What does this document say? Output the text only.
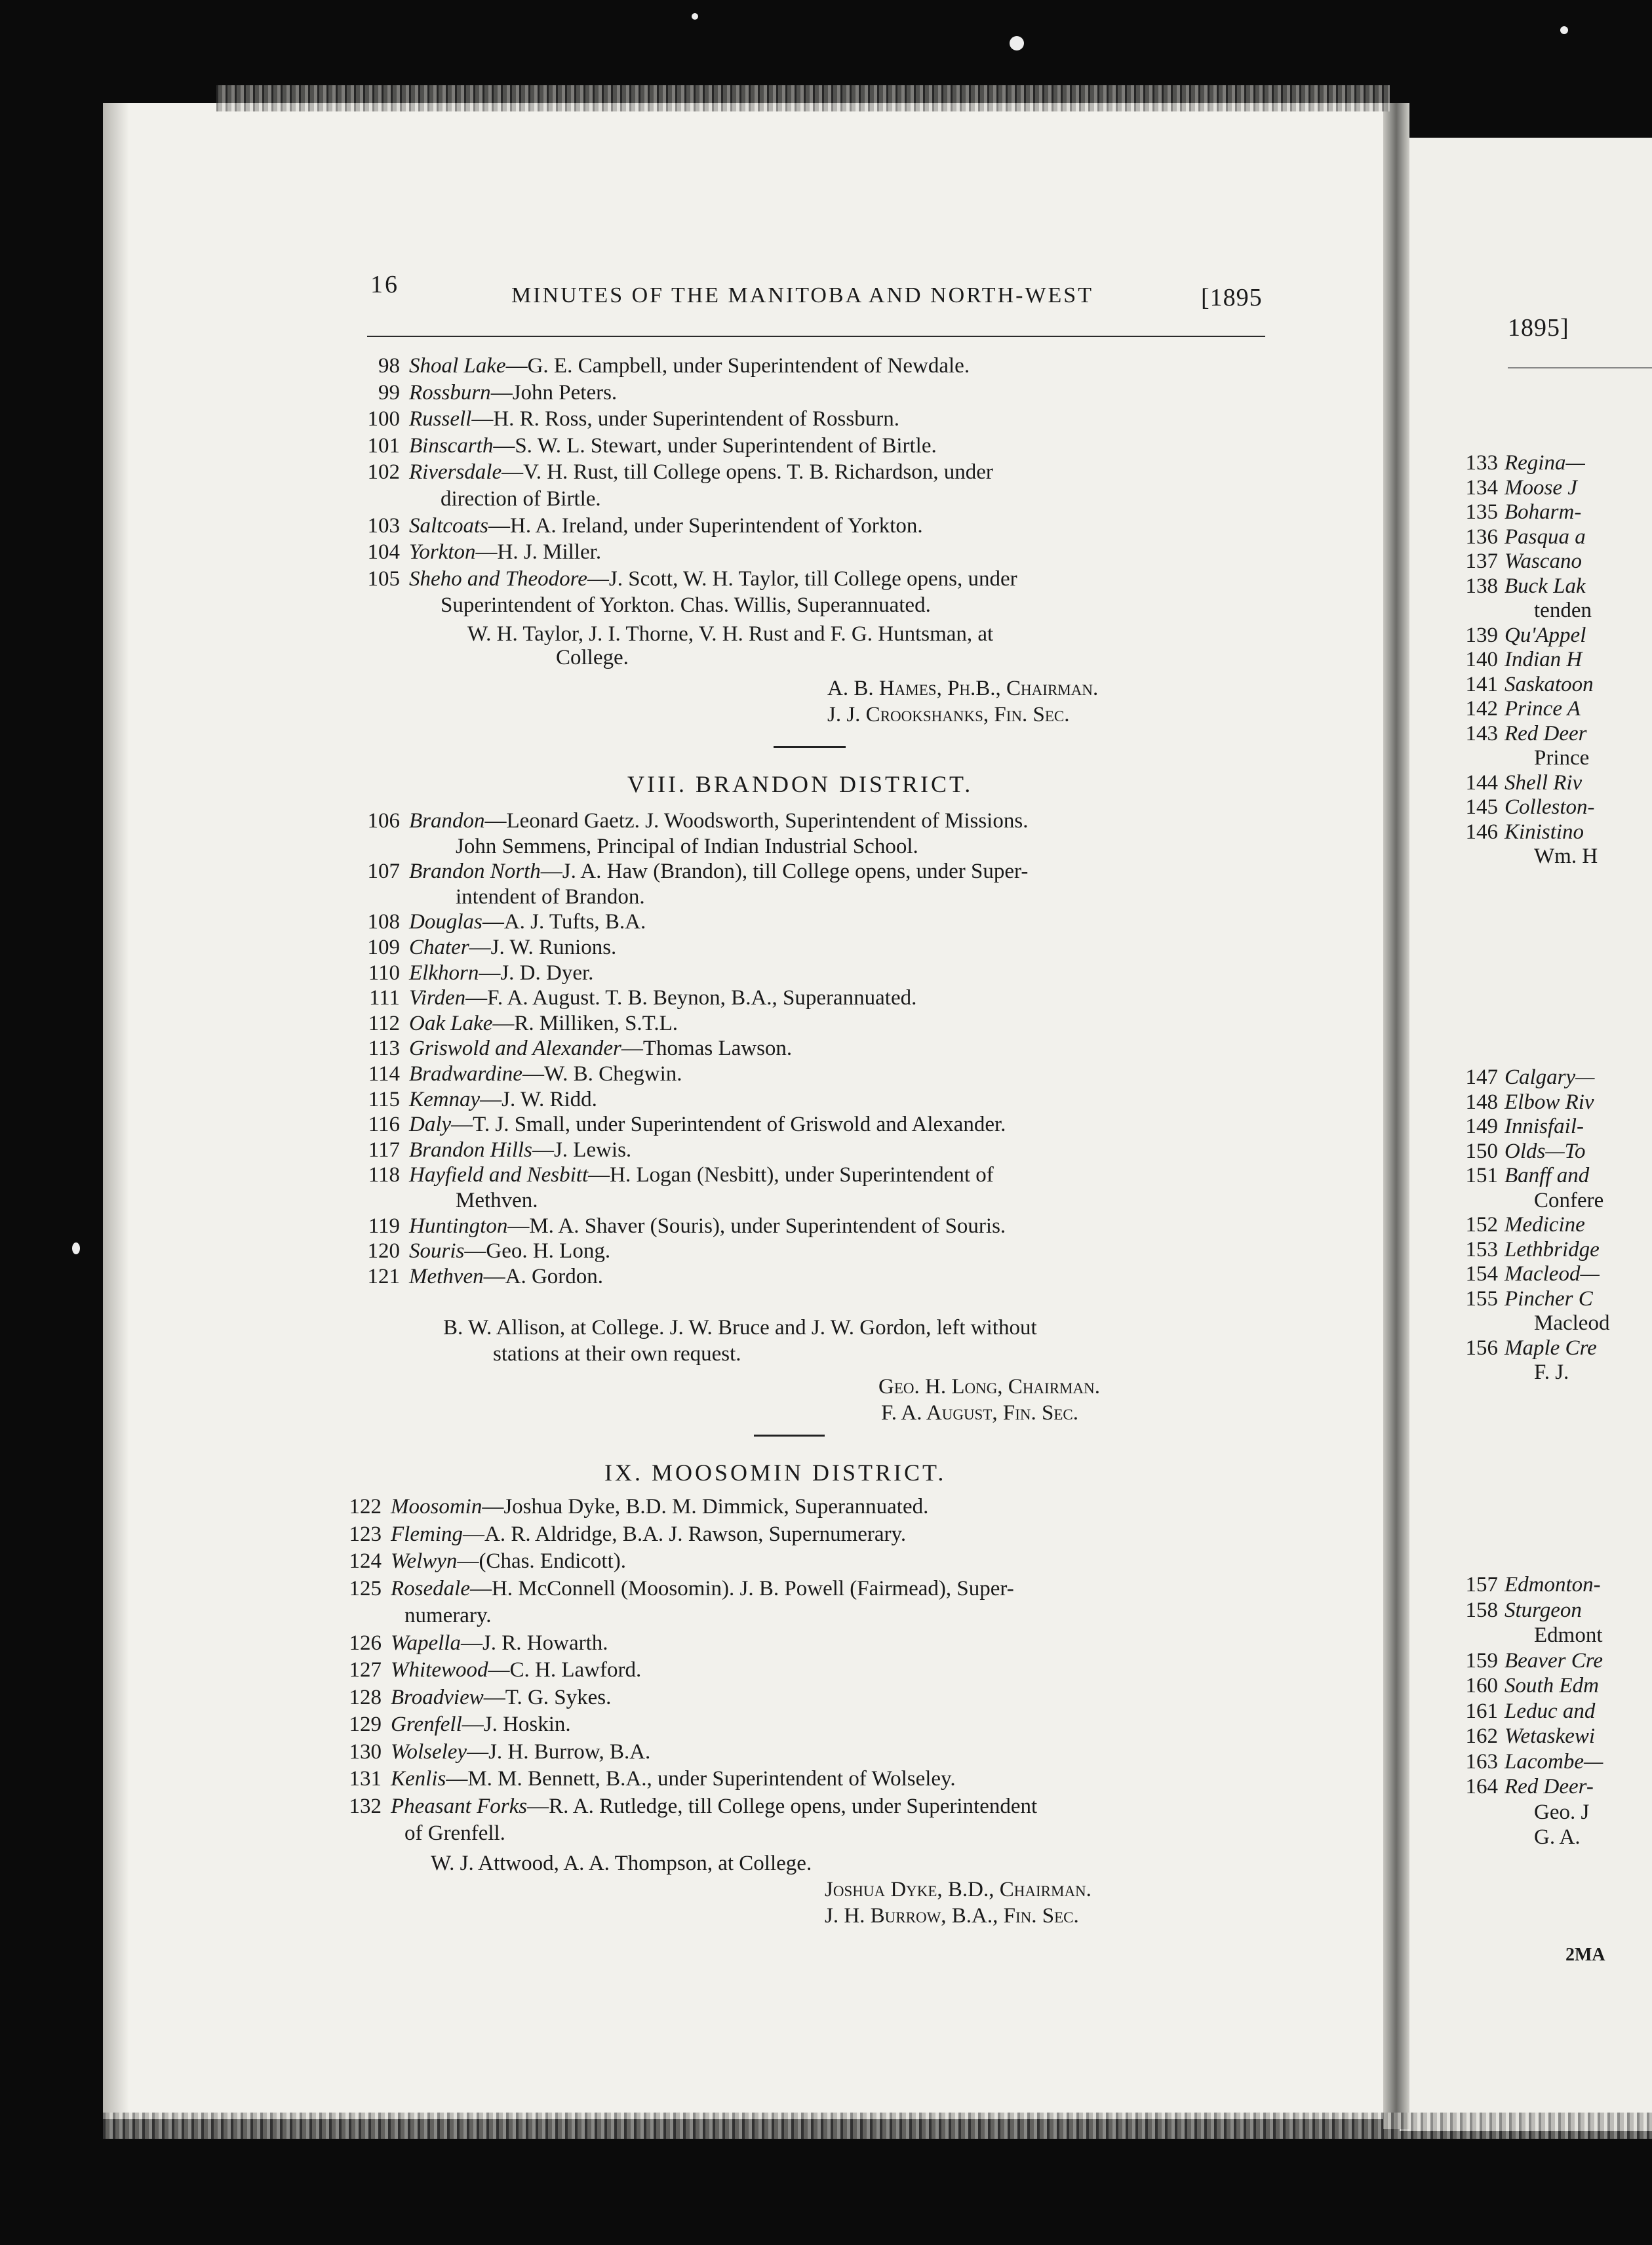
16	MINUTES OF THE MANITOBA AND NORTH-WEST	[1895
98 Shoal Lake—G. E. Campbell, under Superintendent of Newdale.
99 Rossburn—John Peters.
100 Russell—H. R. Ross, under Superintendent of Rossburn.
101 Binscarth—S. W. L. Stewart, under Superintendent of Birtle.
102 Riversdale—V. H. Rust, till College opens. T. B. Richardson, under
direction of Birtle.
103 Saltcoats—H. A. Ireland, under Superintendent of Yorkton.
104 Yorkton—H. J. Miller.
105 Sheho and Theodore—J. Scott, W. H. Taylor, till College opens, under
Superintendent of Yorkton. Chas. Willis, Superannuated.
W. H. Taylor, J. I. Thorne, V. H. Rust and F. G. Huntsman, at
College.
A. B. Hames, Ph.B., Chairman.
J. J. Crookshanks, Fin. Sec.
VIII. BRANDON DISTRICT.
106 Brandon—Leonard Gaetz. J. Woodsworth, Superintendent of Missions.
John Semmens, Principal of Indian Industrial School.
107 Brandon North—J. A. Haw (Brandon), till College opens, under Super-
intendent of Brandon.
108 Douglas—A. J. Tufts, B.A.
109 Chater—J. W. Runions.
110 Elkhorn—J. D. Dyer.
111 Virden—F. A. August. T. B. Beynon, B.A., Superannuated.
112 Oak Lake—R. Milliken, S.T.L.
113 Griswold and Alexander—Thomas Lawson.
114 Bradwardine—W. B. Chegwin.
115 Kemnay—J. W. Ridd.
116 Daly—T. J. Small, under Superintendent of Griswold and Alexander.
117 Brandon Hills—J. Lewis.
118 Hayfield and Nesbitt—H. Logan (Nesbitt), under Superintendent of
Methven.
119 Huntington—M. A. Shaver (Souris), under Superintendent of Souris.
120 Souris—Geo. H. Long.
121 Methven—A. Gordon.
B. W. Allison, at College. J. W. Bruce and J. W. Gordon, left without
stations at their own request.
Geo. H. Long, Chairman.
F. A. August, Fin. Sec.
IX. MOOSOMIN DISTRICT.
122 Moosomin—Joshua Dyke, B.D. M. Dimmick, Superannuated.
123 Fleming—A. R. Aldridge, B.A. J. Rawson, Supernumerary.
124 Welwyn—(Chas. Endicott).
125 Rosedale—H. McConnell (Moosomin). J. B. Powell (Fairmead), Super-
numerary.
126 Wapella—J. R. Howarth.
127 Whitewood—C. H. Lawford.
128 Broadview—T. G. Sykes.
129 Grenfell—J. Hoskin.
130 Wolseley—J. H. Burrow, B.A.
131 Kenlis—M. M. Bennett, B.A., under Superintendent of Wolseley.
132 Pheasant Forks—R. A. Rutledge, till College opens, under Superintendent
of Grenfell.
W. J. Attwood, A. A. Thompson, at College.
Joshua Dyke, B.D., Chairman.
J. H. Burrow, B.A., Fin. Sec.
1895]
133 Regina—
134 Moose J
135 Boharm-
136 Pasqua a
137 Wascano
138 Buck Lak
tenden
139 Qu'Appel
140 Indian H
141 Saskatoon
142 Prince A
143 Red Deer
Prince
144 Shell Riv
145 Colleston-
146 Kinistino
Wm. H
147 Calgary—
148 Elbow Riv
149 Innisfail-
150 Olds—To
151 Banff and
Confere
152 Medicine
153 Lethbridge
154 Macleod—
155 Pincher C
Macleod
156 Maple Cre
F. J.
157 Edmonton-
158 Sturgeon
Edmont
159 Beaver Cre
160 South Edm
161 Leduc and
162 Wetaskewi
163 Lacombe—
164 Red Deer-
Geo. J
G. A.
2MA
